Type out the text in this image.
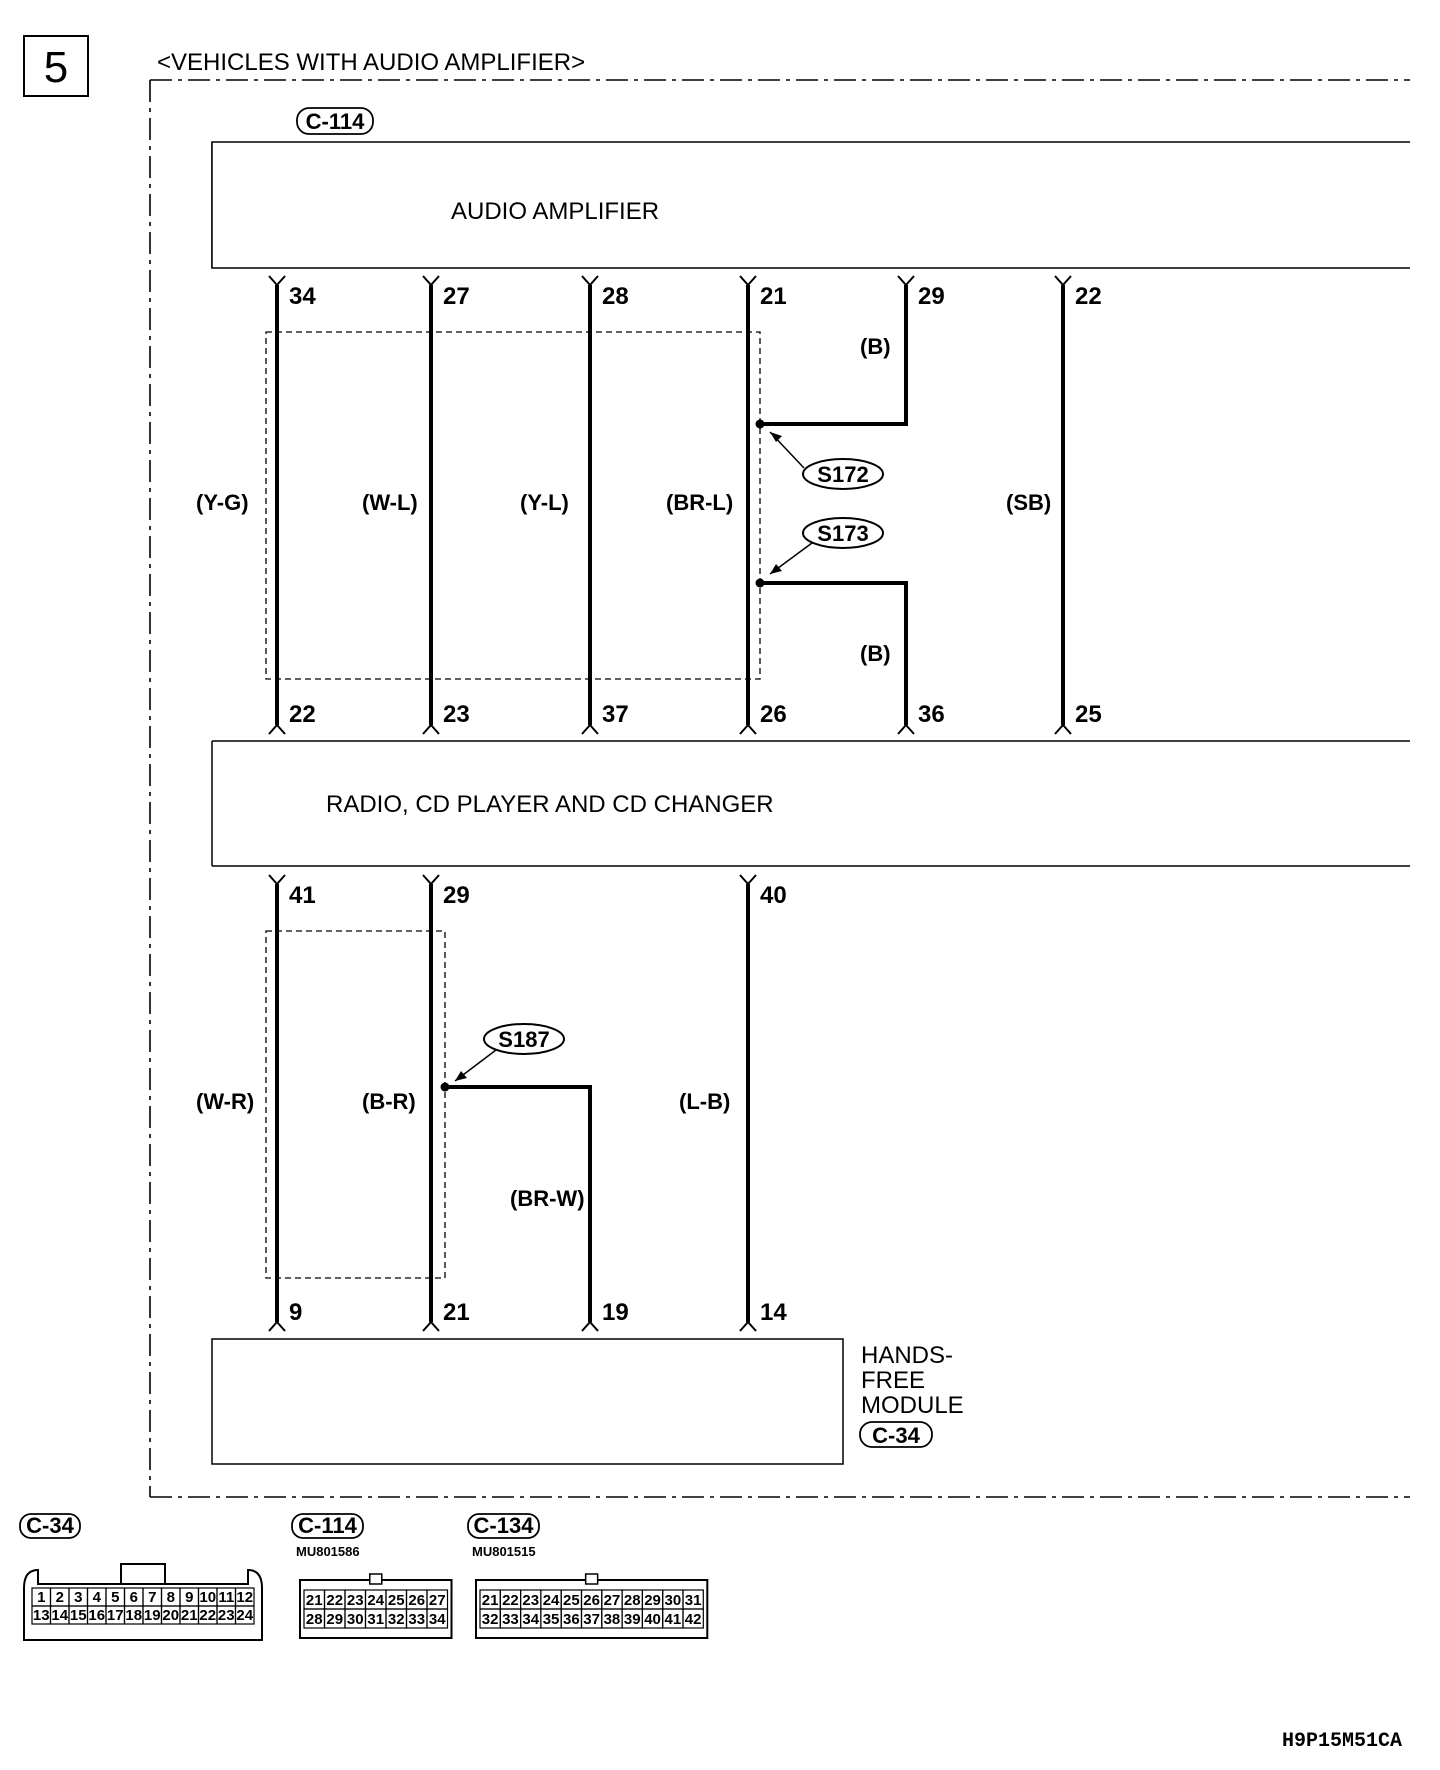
5	<VEHICLES WITH AUDIO AMPLIFIER>
AUDIO AMPLIFIER
C-114
RADIO, CD PLAYER AND CD CHANGER
HANDS-
FREE
MODULE
C-34
34	27	28	21	29	22
22	23	37	26	36	25
(Y-G)	(W-L)	(Y-L)	(BR-L)
(B)
(SB)
(B)
S172
S173
41	29	40
9	21	19	14
(W-R)	(B-R)
(BR-W)
(L-B)
S187
C-34
1 2 3 4 5 6 7 8 9 10 11 12
13 14 15 16 17 18 19 20 21 22 23 24
C-114
MU801586
21 22 23 24 25 26 27
28 29 30 31 32 33 34
C-134
MU801515
21 22 23 24 25 26 27 28 29 30 31
32 33 34 35 36 37 38 39 40 41 42
H9P15M51CA
